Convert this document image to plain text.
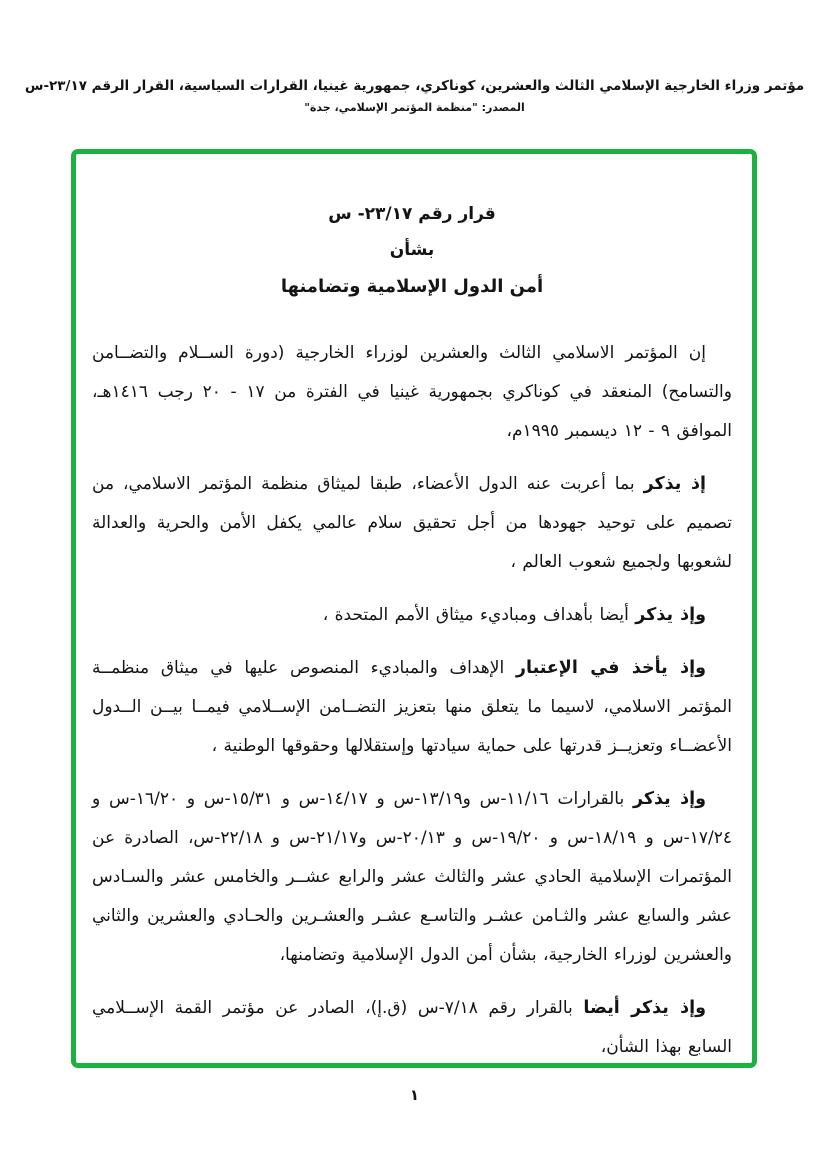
مؤتمر وزراء الخارجية الإسلامي الثالث والعشرين، كوناكري، جمهورية غينيا، القرارات السياسية، القرار الرقم ٢٣/١٧-س
المصدر: "منظمة المؤتمر الإسلامي، جدة"
قرار رقم ٢٣/١٧- س
بشأن
أمن الدول الإسلامية وتضامنها

إن المؤتمر الاسلامي الثالث والعشرين لوزراء الخارجية (دورة الســلام والتضــامن والتسامح) المنعقد في كوناكري بجمهورية غينيا في الفترة من ١٧ - ٢٠ رجب ١٤١٦هـ، الموافق ٩ - ١٢ ديسمبر ١٩٩٥م،

إذ يذكر بما أعربت عنه الدول الأعضاء، طبقا لميثاق منظمة المؤتمر الاسلامي، من تصميم على توحيد جهودها من أجل تحقيق سلام عالمي يكفل الأمن والحرية والعدالة لشعوبها ولجميع شعوب العالم ،

وإذ يذكر أيضا بأهداف ومباديء ميثاق الأمم المتحدة ،

وإذ يأخذ في الإعتبار الإهداف والمباديء المنصوص عليها في ميثاق منظمــة المؤتمر الاسلامي، لاسيما ما يتعلق منها بتعزيز التضــامن الإســلامي فيمــا بيــن الــدول الأعضــاء وتعزيــز قدرتها على حماية سيادتها وإستقلالها وحقوقها الوطنية ،

وإذ يذكر بالقرارات ١١/١٦-س و١٣/١٩-س و ١٤/١٧-س و ١٥/٣١-س و ١٦/٢٠-س و ١٧/٢٤-س و ١٨/١٩-س و ١٩/٢٠-س و ٢٠/١٣-س و٢١/١٧-س و ٢٢/١٨-س، الصادرة عن المؤتمرات الإسلامية الحادي عشر والثالث عشر والرابع عشــر والخامس عشر والسـادس عشر والسابع عشر والثـامن عشـر والتاسـع عشـر والعشـرين والحـادي والعشرين والثاني والعشرين لوزراء الخارجية، بشأن أمن الدول الإسلامية وتضامنها،

وإذ يذكر أيضا بالقرار رقم ٧/١٨-س (ق.إ)، الصادر عن مؤتمر القمة الإســلامي السابع بهذا الشأن،

١
